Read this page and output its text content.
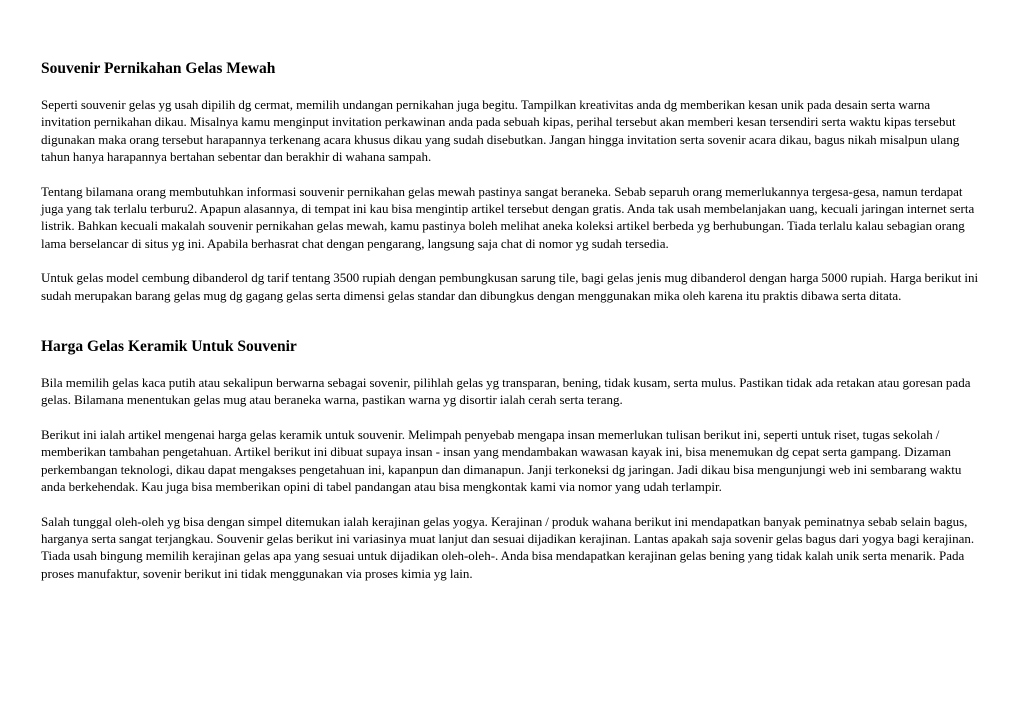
Souvenir Pernikahan Gelas Mewah

Seperti souvenir gelas yg usah dipilih dg cermat, memilih undangan pernikahan juga begitu. Tampilkan kreativitas anda dg memberikan kesan unik pada desain serta warna invitation pernikahan dikau. Misalnya kamu menginput invitation perkawinan anda pada sebuah kipas, perihal tersebut akan memberi kesan tersendiri serta waktu kipas tersebut digunakan maka orang tersebut harapannya terkenang acara khusus dikau yang sudah disebutkan. Jangan hingga invitation serta sovenir acara dikau, bagus nikah misalpun ulang tahun hanya harapannya bertahan sebentar dan berakhir di wahana sampah.

Tentang bilamana orang membutuhkan informasi souvenir pernikahan gelas mewah pastinya sangat beraneka. Sebab separuh orang memerlukannya tergesa-gesa, namun terdapat juga yang tak terlalu terburu2. Apapun alasannya, di tempat ini kau bisa mengintip artikel tersebut dengan gratis. Anda tak usah membelanjakan uang, kecuali jaringan internet serta listrik. Bahkan kecuali makalah souvenir pernikahan gelas mewah, kamu pastinya boleh melihat aneka koleksi artikel berbeda yg berhubungan. Tiada terlalu kalau sebagian orang lama berselancar di situs yg ini. Apabila berhasrat chat dengan pengarang, langsung saja chat di nomor yg sudah tersedia.

Untuk gelas model cembung dibanderol dg tarif tentang 3500 rupiah dengan pembungkusan sarung tile, bagi gelas jenis mug dibanderol dengan harga 5000 rupiah. Harga berikut ini sudah merupakan barang gelas mug dg gagang gelas serta dimensi gelas standar dan dibungkus dengan menggunakan mika oleh karena itu praktis dibawa serta ditata.

Harga Gelas Keramik Untuk Souvenir

Bila memilih gelas kaca putih atau sekalipun berwarna sebagai sovenir, pilihlah gelas yg transparan, bening, tidak kusam, serta mulus. Pastikan tidak ada retakan atau goresan pada gelas. Bilamana menentukan gelas mug atau beraneka warna, pastikan warna yg disortir ialah cerah serta terang.

Berikut ini ialah artikel mengenai harga gelas keramik untuk souvenir. Melimpah penyebab mengapa insan memerlukan tulisan berikut ini, seperti untuk riset, tugas sekolah / memberikan tambahan pengetahuan. Artikel berikut ini dibuat supaya insan - insan yang mendambakan wawasan kayak ini, bisa menemukan dg cepat serta gampang. Dizaman perkembangan teknologi, dikau dapat mengakses pengetahuan ini, kapanpun dan dimanapun. Janji terkoneksi dg jaringan. Jadi dikau bisa mengunjungi web ini sembarang waktu anda berkehendak. Kau juga bisa memberikan opini di tabel pandangan atau bisa mengkontak kami via nomor yang udah terlampir.

Salah tunggal oleh-oleh yg bisa dengan simpel ditemukan ialah kerajinan gelas yogya. Kerajinan / produk wahana berikut ini mendapatkan banyak peminatnya sebab selain bagus, harganya serta sangat terjangkau. Souvenir gelas berikut ini variasinya muat lanjut dan sesuai dijadikan kerajinan. Lantas apakah saja sovenir gelas bagus dari yogya bagi kerajinan. Tiada usah bingung memilih kerajinan gelas apa yang sesuai untuk dijadikan oleh-oleh-. Anda bisa mendapatkan kerajinan gelas bening yang tidak kalah unik serta menarik. Pada proses manufaktur, sovenir berikut ini tidak menggunakan via proses kimia yg lain.
